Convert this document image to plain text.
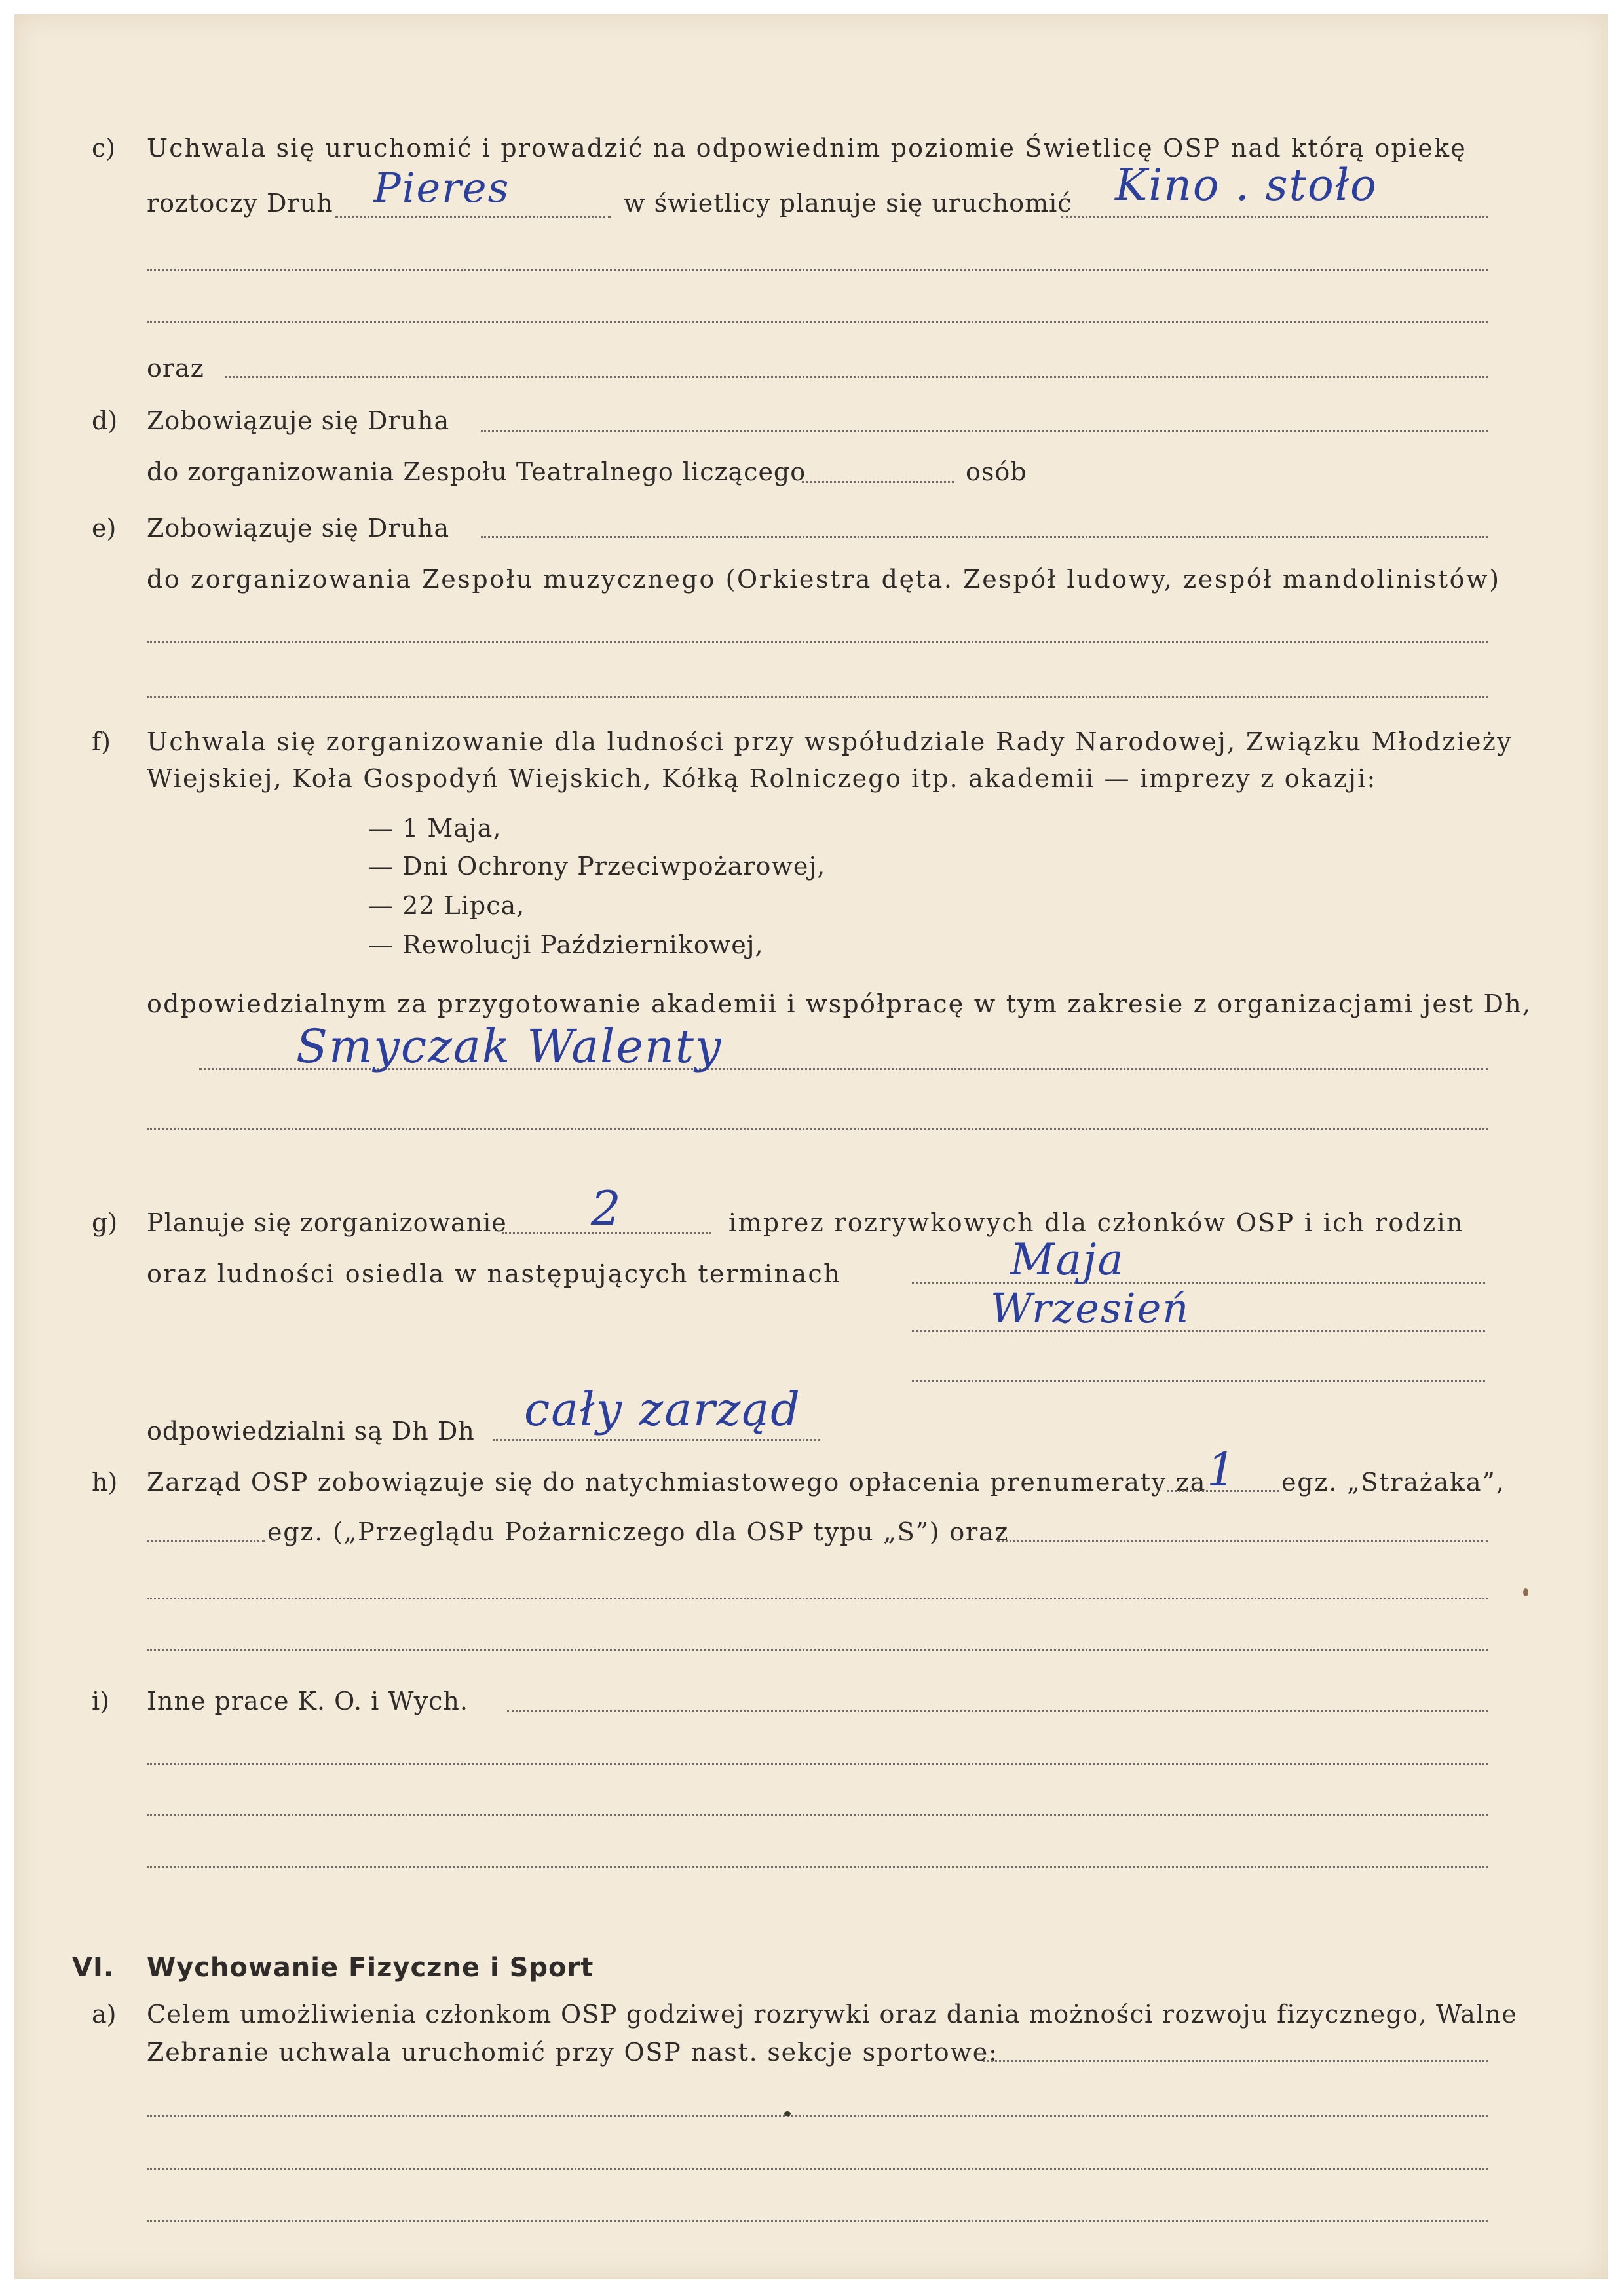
c) Uchwala się uruchomić i prowadzić na odpowiednim poziomie Świetlicę OSP nad którą opiekę
roztoczy Druh Pieres	w świetlicy planuje się uruchomić Kino . stoło
oraz
d) Zobowiązuje się Druha
do zorganizowania Zespołu Teatralnego liczącego	osób
e) Zobowiązuje się Druha
do zorganizowania Zespołu muzycznego (Orkiestra dęta. Zespół ludowy, zespół mandolinistów)
f) Uchwala się zorganizowanie dla ludności przy współudziale Rady Narodowej, Związku Młodzieży
Wiejskiej, Koła Gospodyń Wiejskich, Kółką Rolniczego itp. akademii — imprezy z okazji:
— 1 Maja,
— Dni Ochrony Przeciwpożarowej,
— 22 Lipca,
— Rewolucji Październikowej,
odpowiedzialnym za przygotowanie akademii i współpracę w tym zakresie z organizacjami jest Dh,
Smyczak Walenty
g) Planuje się zorganizowanie 2	imprez rozrywkowych dla członków OSP i ich rodzin
oraz ludności osiedla w następujących terminach	Maja
Wrzesień
odpowiedzialni są Dh Dh cały zarząd
h) Zarząd OSP zobowiązuje się do natychmiastowego opłacenia prenumeraty za 1 egz. „Strażaka”,
egz. („Przeglądu Pożarniczego dla OSP typu „S”) oraz
i) Inne prace K. O. i Wych.
VI. Wychowanie Fizyczne i Sport
a) Celem umożliwienia członkom OSP godziwej rozrywki oraz dania możności rozwoju fizycznego, Walne
Zebranie uchwala uruchomić przy OSP nast. sekcje sportowe:
